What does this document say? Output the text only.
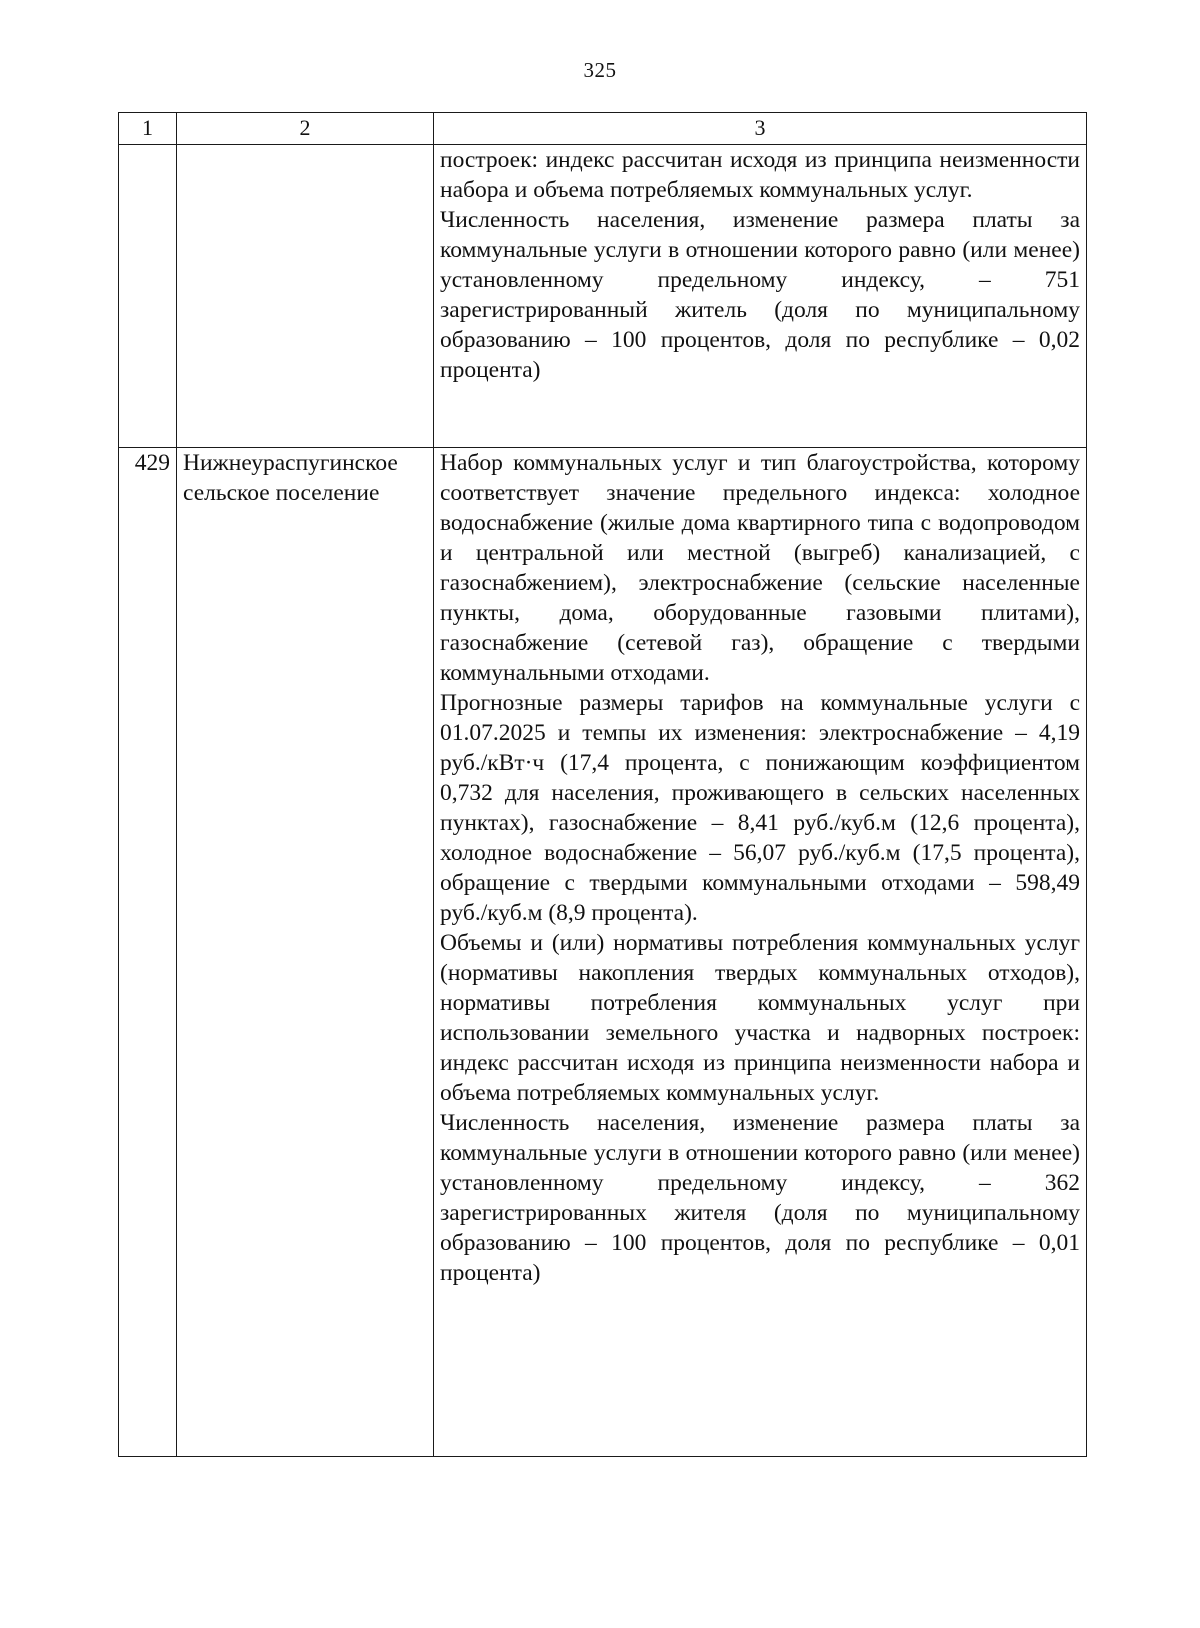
325
1	2	3

		построек: индекс рассчитан исходя из принципа неизменности набора и объема потребляемых коммунальных услуг.

Численность населения, изменение размера платы за коммунальные услуги в отношении которого равно (или менее) установленному предельному индексу, – 751 зарегистрированный житель (доля по муниципальному образованию – 100 процентов, доля по республике – 0,02 процента)

429	Нижнеураспугинское сельское поселение	Набор коммунальных услуг и тип благоустройства, которому соответствует значение предельного индекса: холодное водоснабжение (жилые дома квартирного типа с водопроводом и центральной или местной (выгреб) канализацией, с газоснабжением), электроснабжение (сельские населенные пункты, дома, оборудованные газовыми плитами), газоснабжение (сетевой газ), обращение с твердыми коммунальными отходами.

Прогнозные размеры тарифов на коммунальные услуги с 01.07.2025 и темпы их изменения: электроснабжение – 4,19 руб./кВт·ч (17,4 процента, с понижающим коэффициентом 0,732 для населения, проживающего в сельских населенных пунктах), газоснабжение – 8,41 руб./куб.м (12,6 процента), холодное водоснабжение – 56,07 руб./куб.м (17,5 процента), обращение с твердыми коммунальными отходами – 598,49 руб./куб.м (8,9 процента).

Объемы и (или) нормативы потребления коммунальных услуг (нормативы накопления твердых коммунальных отходов), нормативы потребления коммунальных услуг при использовании земельного участка и надворных построек: индекс рассчитан исходя из принципа неизменности набора и объема потребляемых коммунальных услуг.

Численность населения, изменение размера платы за коммунальные услуги в отношении которого равно (или менее) установленному предельному индексу, – 362 зарегистрированных жителя (доля по муниципальному образованию – 100 процентов, доля по республике – 0,01 процента)
